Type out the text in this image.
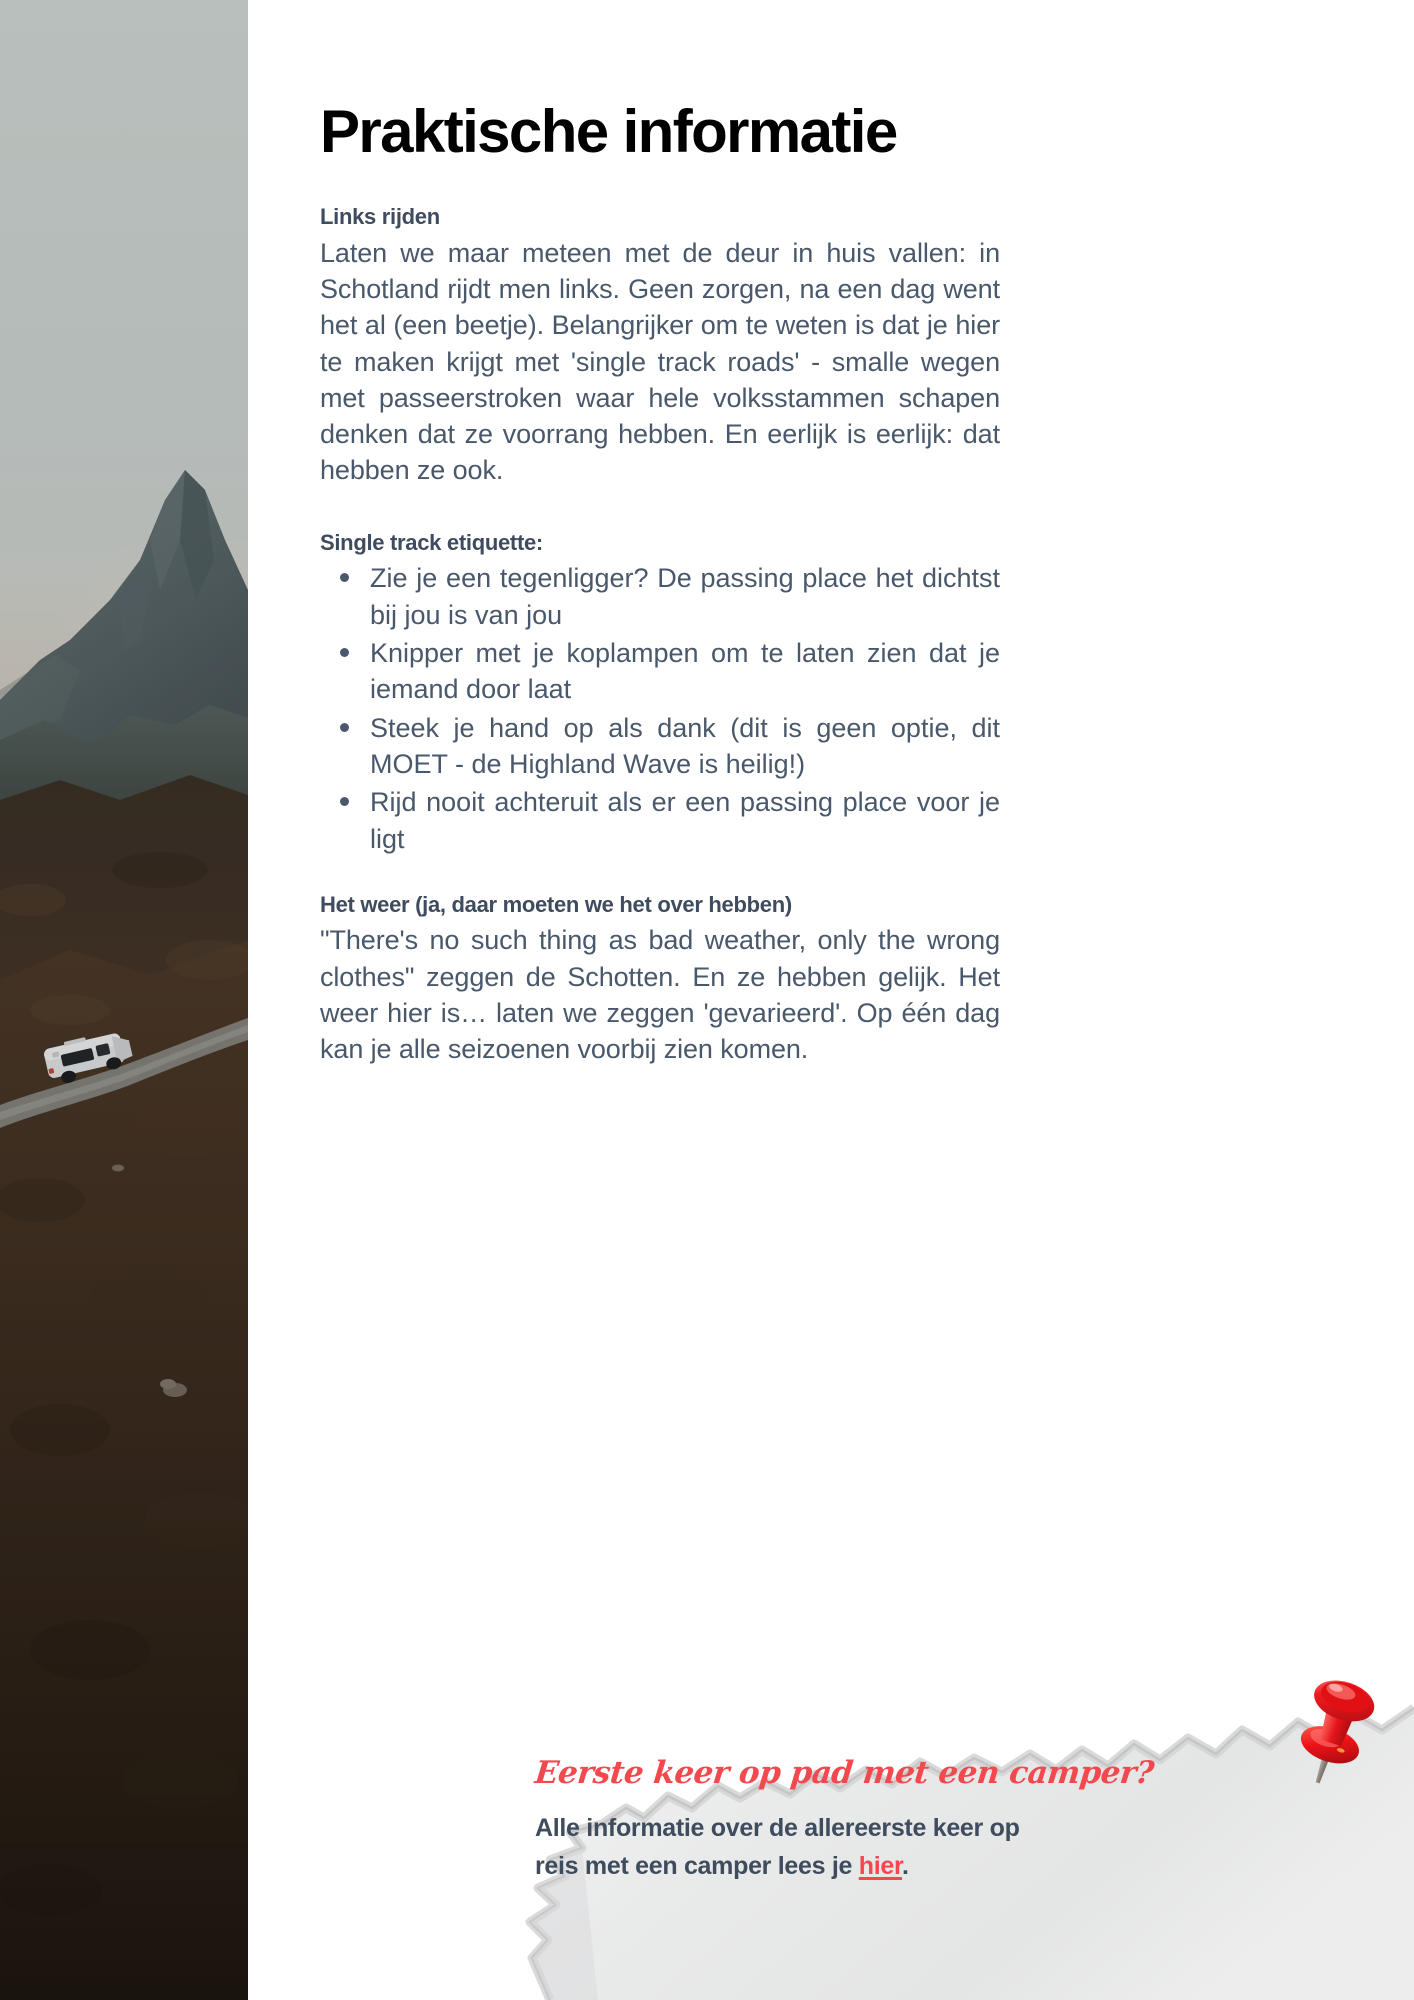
Praktische informatie
Links rijden

Laten we maar meteen met de deur in huis vallen: in Schotland rijdt men links. Geen zorgen, na een dag went het al (een beetje). Belangrijker om te weten is dat je hier te maken krijgt met 'single track roads' - smalle wegen met passeerstroken waar hele volksstammen schapen denken dat ze voorrang hebben. En eerlijk is eerlijk: dat hebben ze ook.

Single track etiquette:
Zie je een tegenligger? De passing place het dichtst bij jou is van jou
Knipper met je koplampen om te laten zien dat je iemand door laat
Steek je hand op als dank (dit is geen optie, dit MOET - de Highland Wave is heilig!)
Rijd nooit achteruit als er een passing place voor je ligt
Het weer (ja, daar moeten we het over hebben)

"There's no such thing as bad weather, only the wrong clothes" zeggen de Schotten. En ze hebben gelijk. Het weer hier is… laten we zeggen 'gevarieerd'. Op één dag kan je alle seizoenen voorbij zien komen.

Eerste keer op pad met een camper?
Alle informatie over de allereerste keer op
reis met een camper lees je hier.
